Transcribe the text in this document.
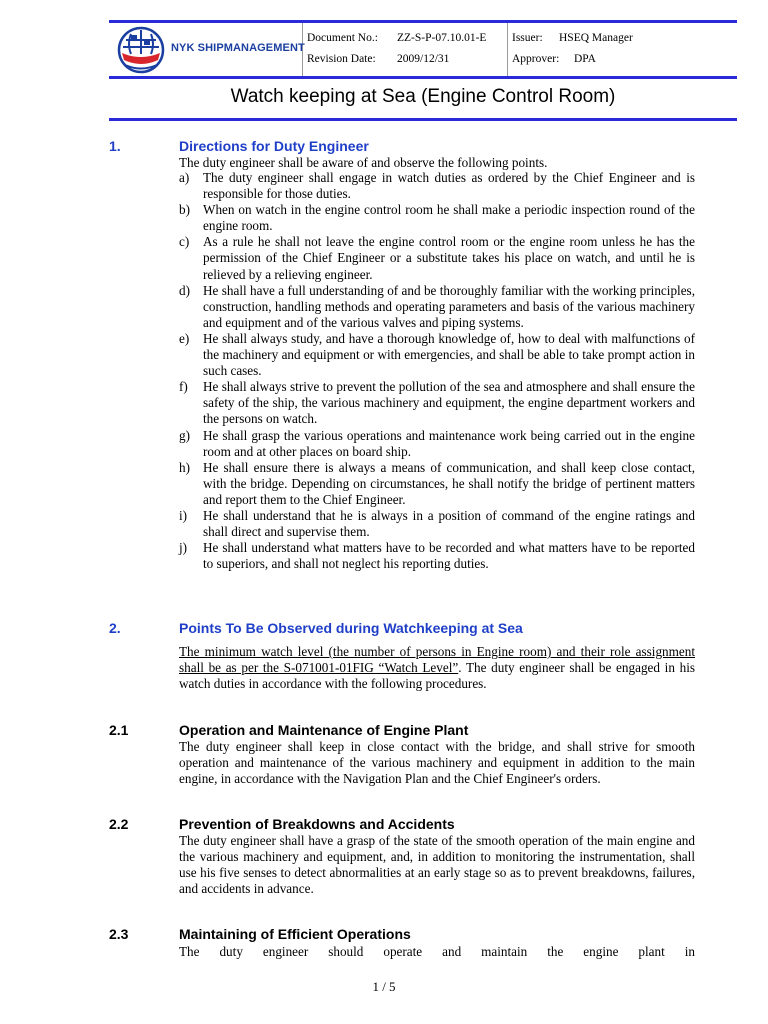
NYK SHIPMANAGEMENT
Document No.: ZZ-S-P-07.10.01-E
Revision Date: 2009/12/31
Issuer: HSEQ Manager
Approver: DPA
Watch keeping at Sea (Engine Control Room)
1.	Directions for Duty Engineer

The duty engineer shall be aware of and observe the following points.

a) The duty engineer shall engage in watch duties as ordered by the Chief Engineer and is responsible for those duties.
b) When on watch in the engine control room he shall make a periodic inspection round of the engine room.
c) As a rule he shall not leave the engine control room or the engine room unless he has the permission of the Chief Engineer or a substitute takes his place on watch, and until he is relieved by a relieving engineer.
d) He shall have a full understanding of and be thoroughly familiar with the working principles, construction, handling methods and operating parameters and basis of the various machinery and equipment and of the various valves and piping systems.
e) He shall always study, and have a thorough knowledge of, how to deal with malfunctions of the machinery and equipment or with emergencies, and shall be able to take prompt action in such cases.
f) He shall always strive to prevent the pollution of the sea and atmosphere and shall ensure the safety of the ship, the various machinery and equipment, the engine department workers and the persons on watch.
g) He shall grasp the various operations and maintenance work being carried out in the engine room and at other places on board ship.
h) He shall ensure there is always a means of communication, and shall keep close contact, with the bridge. Depending on circumstances, he shall notify the bridge of pertinent matters and report them to the Chief Engineer.
i) He shall understand that he is always in a position of command of the engine ratings and shall direct and supervise them.
j) He shall understand what matters have to be recorded and what matters have to be reported to superiors, and shall not neglect his reporting duties.
2.	Points To Be Observed during Watchkeeping at Sea

The minimum watch level (the number of persons in Engine room) and their role assignment shall be as per the S-071001-01FIG “Watch Level”. The duty engineer shall be engaged in his watch duties in accordance with the following procedures.

2.1	Operation and Maintenance of Engine Plant

The duty engineer shall keep in close contact with the bridge, and shall strive for smooth operation and maintenance of the various machinery and equipment in addition to the main engine, in accordance with the Navigation Plan and the Chief Engineer's orders.

2.2	Prevention of Breakdowns and Accidents

The duty engineer shall have a grasp of the state of the smooth operation of the main engine and the various machinery and equipment, and, in addition to monitoring the instrumentation, shall use his five senses to detect abnormalities at an early stage so as to prevent breakdowns, failures, and accidents in advance.

2.3	Maintaining of Efficient Operations

The duty engineer should operate and maintain the engine plant in

1 / 5
